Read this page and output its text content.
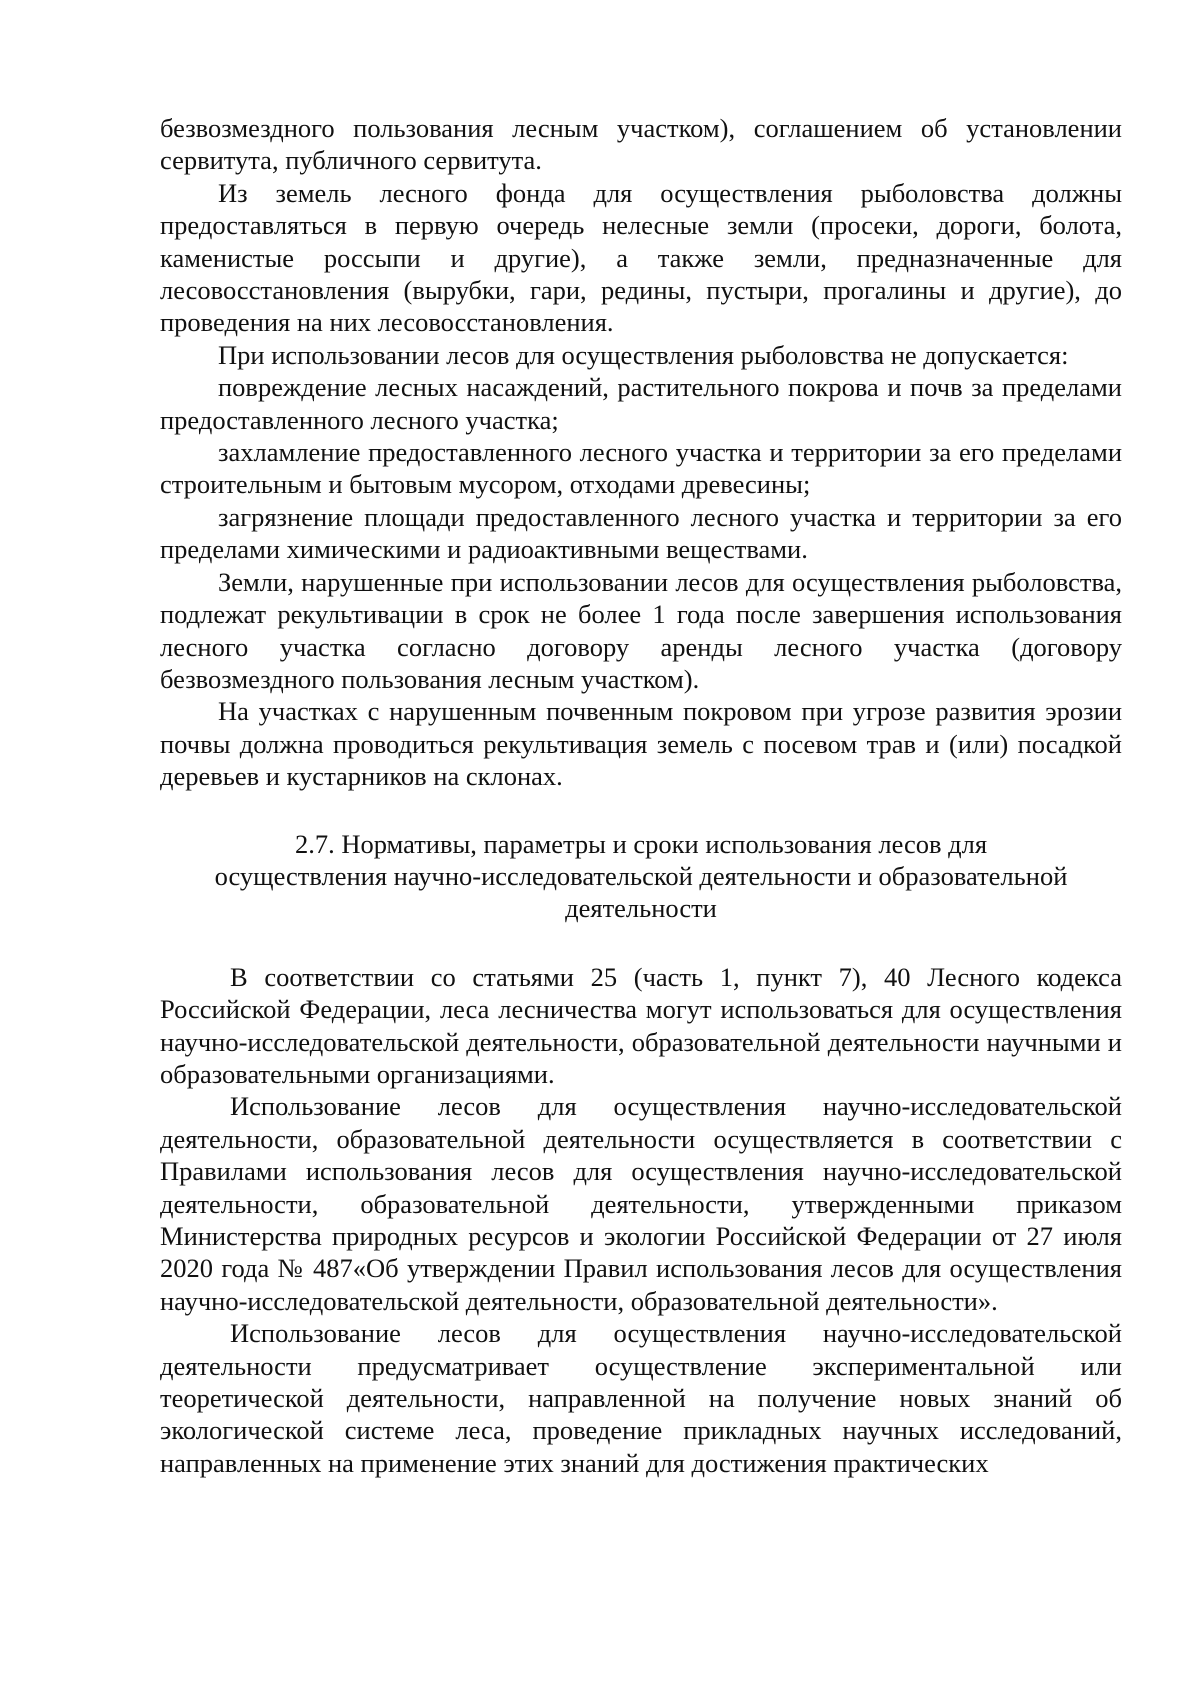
безвозмездного пользования лесным участком), соглашением об установлении сервитута, публичного сервитута.

Из земель лесного фонда для осуществления рыболовства должны предоставляться в первую очередь нелесные земли (просеки, дороги, болота, каменистые россыпи и другие), а также земли, предназначенные для лесовосстановления (вырубки, гари, редины, пустыри, прогалины и другие), до проведения на них лесовосстановления.

При использовании лесов для осуществления рыболовства не допускается:

повреждение лесных насаждений, растительного покрова и почв за пределами предоставленного лесного участка;

захламление предоставленного лесного участка и территории за его пределами строительным и бытовым мусором, отходами древесины;

загрязнение площади предоставленного лесного участка и территории за его пределами химическими и радиоактивными веществами.

Земли, нарушенные при использовании лесов для осуществления рыболовства, подлежат рекультивации в срок не более 1 года после завершения использования лесного участка согласно договору аренды лесного участка (договору безвозмездного пользования лесным участком).

На участках с нарушенным почвенным покровом при угрозе развития эрозии почвы должна проводиться рекультивация земель с посевом трав и (или) посадкой деревьев и кустарников на склонах.

2.7. Нормативы, параметры и сроки использования лесов для
осуществления научно-исследовательской деятельности и образовательной
деятельности

В соответствии со статьями 25 (часть 1, пункт 7), 40 Лесного кодекса Российской Федерации, леса лесничества могут использоваться для осуществления научно-исследовательской деятельности, образовательной деятельности научными и образовательными организациями.

Использование лесов для осуществления научно-исследовательской деятельности, образовательной деятельности осуществляется в соответствии с Правилами использования лесов для осуществления научно-исследовательской деятельности, образовательной деятельности, утвержденными приказом Министерства природных ресурсов и экологии Российской Федерации от 27 июля 2020 года № 487«Об утверждении Правил использования лесов для осуществления научно-исследовательской деятельности, образовательной деятельности».

Использование лесов для осуществления научно-исследовательской деятельности предусматривает осуществление экспериментальной или теоретической деятельности, направленной на получение новых знаний об экологической системе леса, проведение прикладных научных исследований, направленных на применение этих знаний для достижения практических
